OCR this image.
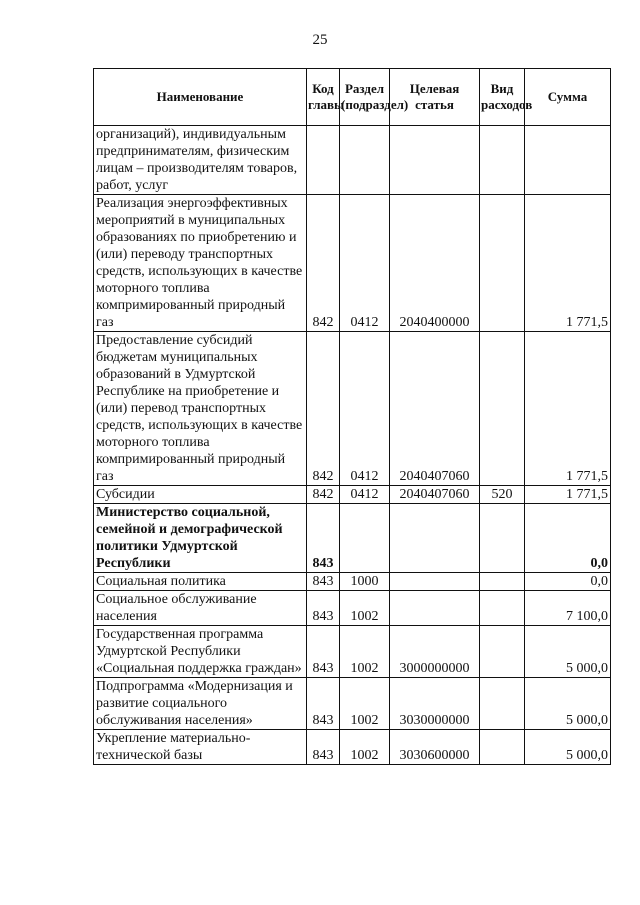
25
Наименование	Код главы	Раздел (подраздел)	Целевая статья	Вид расходов	Сумма
организаций), индивидуальным предпринимателям, физическим лицам – производителям товаров, работ, услуг					
Реализация энергоэффективных мероприятий в муниципальных образованиях по приобретению и (или) переводу транспортных средств, использующих в качестве моторного топлива компримированный природный газ	842	0412	2040400000		1 771,5
Предоставление субсидий бюджетам муниципальных образований в Удмуртской Республике на приобретение и (или) перевод транспортных средств, использующих в качестве моторного топлива компримированный природный газ	842	0412	2040407060		1 771,5
Субсидии	842	0412	2040407060	520	1 771,5
Министерство социальной, семейной и демографической политики Удмуртской Республики	843				0,0
Социальная политика	843	1000			0,0
Социальное обслуживание населения	843	1002			7 100,0
Государственная программа Удмуртской Республики «Социальная поддержка граждан»	843	1002	3000000000		5 000,0
Подпрограмма «Модернизация и развитие социального обслуживания населения»	843	1002	3030000000		5 000,0
Укрепление материально-технической базы	843	1002	3030600000		5 000,0
